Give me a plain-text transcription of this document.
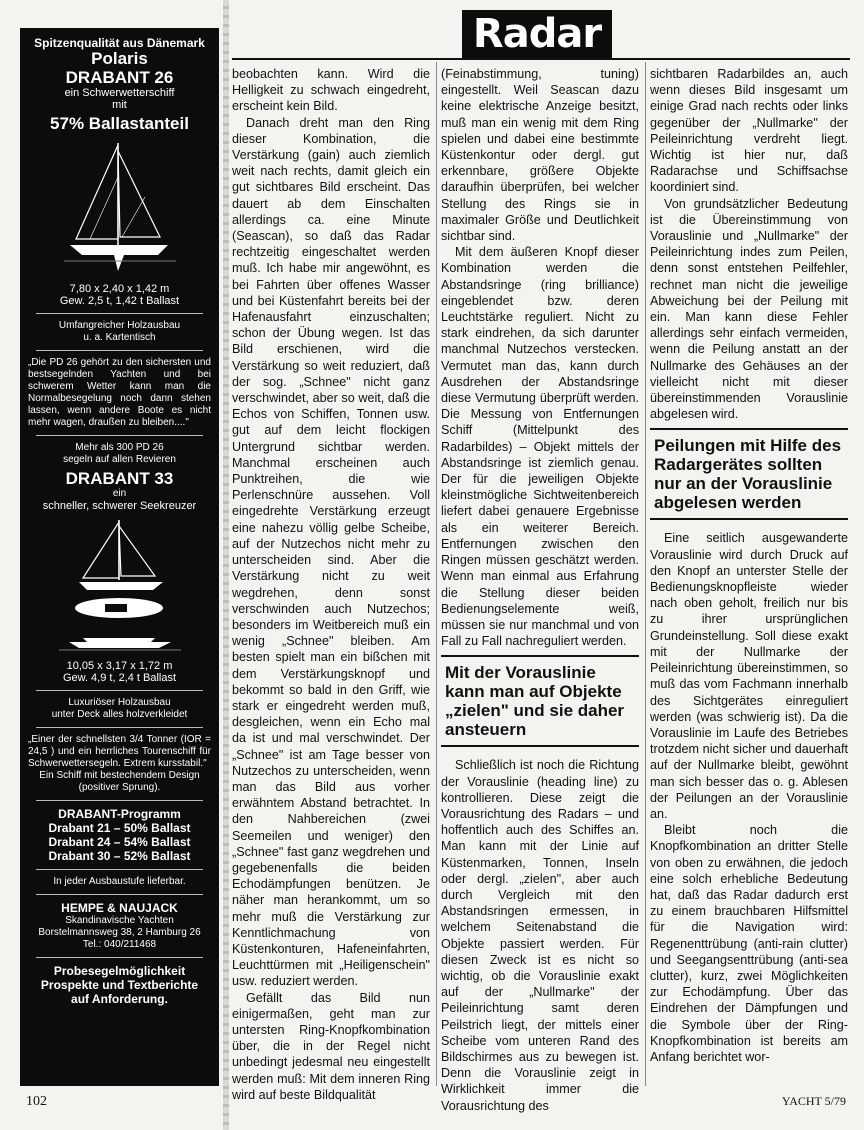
Spitzenqualität aus Dänemark
Polaris
DRABANT 26
ein Schwerwetterschiff
mit
57% Ballastanteil
7,80 x 2,40 x 1,42 m
Gew. 2,5 t, 1,42 t Ballast
Umfangreicher Holzausbau
u. a. Kartentisch
„Die PD 26 gehört zu den sichersten und bestsegelnden Yachten und bei schwerem Wetter kann man die Normalbesegelung noch dann stehen lassen, wenn andere Boote es nicht mehr wagen, draußen zu bleiben...."
Mehr als 300 PD 26
segeln auf allen Revieren
DRABANT 33
ein
schneller, schwerer Seekreuzer
10,05 x 3,17 x 1,72 m
Gew. 4,9 t, 2,4 t Ballast
Luxuriöser Holzausbau
unter Deck alles holzverkleidet
„Einer der schnellsten 3/4 Tonner (IOR = 24,5 ) und ein herrliches Tourenschiff für Schwerwettersegeln. Extrem kursstabil."
Ein Schiff mit bestechendem Design (positiver Sprung).
DRABANT-Programm
Drabant 21 – 50% Ballast
Drabant 24 – 54% Ballast
Drabant 30 – 52% Ballast
In jeder Ausbaustufe lieferbar.
HEMPE & NAUJACK
Skandinavische Yachten
Borstelmannsweg 38, 2 Hamburg 26
Tel.: 040/211468
Probesegelmöglichkeit
Prospekte und Textberichte
auf Anforderung.
Radar

beobachten kann. Wird die Helligkeit zu schwach eingedreht, erscheint kein Bild.

Danach dreht man den Ring dieser Kombination, die Verstärkung (gain) auch ziemlich weit nach rechts, damit gleich ein gut sichtbares Bild erscheint. Das dauert ab dem Einschalten allerdings ca. eine Minute (Seascan), so daß das Radar rechtzeitig eingeschaltet werden muß. Ich habe mir angewöhnt, es bei Fahrten über offenes Wasser und bei Küstenfahrt bereits bei der Hafenausfahrt einzuschalten; schon der Übung wegen. Ist das Bild erschienen, wird die Verstärkung so weit reduziert, daß der sog. „Schnee" nicht ganz verschwindet, aber so weit, daß die Echos von Schiffen, Tonnen usw. gut auf dem leicht flockigen Untergrund sichtbar werden. Manchmal erscheinen auch Punktreihen, die wie Perlenschnüre aussehen. Voll eingedrehte Verstärkung erzeugt eine nahezu völlig gelbe Scheibe, auf der Nutzechos nicht mehr zu unterscheiden sind. Aber die Verstärkung nicht zu weit wegdrehen, denn sonst verschwinden auch Nutzechos; besonders im Weitbereich muß ein wenig „Schnee" bleiben. Am besten spielt man ein bißchen mit dem Verstärkungsknopf und bekommt so bald in den Griff, wie stark er eingedreht werden muß, desgleichen, wenn ein Echo mal da ist und mal verschwindet. Der „Schnee" ist am Tage besser von Nutzechos zu unterscheiden, wenn man das Bild aus vorher erwähntem Abstand betrachtet. In den Nahbereichen (zwei Seemeilen und weniger) den „Schnee" fast ganz wegdrehen und gegebenenfalls die beiden Echodämpfungen benützen. Je näher man herankommt, um so mehr muß die Verstärkung zur Kenntlichmachung von Küstenkonturen, Hafeneinfahrten, Leuchttürmen mit „Heiligenschein" usw. reduziert werden.

Gefällt das Bild nun einigermaßen, geht man zur untersten Ring-Knopfkombination über, die in der Regel nicht unbedingt jedesmal neu eingestellt werden muß: Mit dem inneren Ring wird auf beste Bildqualität

(Feinabstimmung, tuning) eingestellt. Weil Seascan dazu keine elektrische Anzeige besitzt, muß man ein wenig mit dem Ring spielen und dabei eine bestimmte Küstenkontur oder dergl. gut erkennbare, größere Objekte daraufhin überprüfen, bei welcher Stellung des Rings sie in maximaler Größe und Deutlichkeit sichtbar sind.

Mit dem äußeren Knopf dieser Kombination werden die Abstandsringe (ring brilliance) eingeblendet bzw. deren Leuchtstärke reguliert. Nicht zu stark eindrehen, da sich darunter manchmal Nutzechos verstecken. Vermutet man das, kann durch Ausdrehen der Abstandsringe diese Vermutung überprüft werden. Die Messung von Entfernungen Schiff (Mittelpunkt des Radarbildes) – Objekt mittels der Abstandsringe ist ziemlich genau. Der für die jeweiligen Objekte kleinstmögliche Sichtweitenbereich liefert dabei genauere Ergebnisse als ein weiterer Bereich. Entfernungen zwischen den Ringen müssen geschätzt werden. Wenn man einmal aus Erfahrung die Stellung dieser beiden Bedienungselemente weiß, müssen sie nur manchmal und von Fall zu Fall nachreguliert werden.

Mit der Vorauslinie kann man auf Objekte „zielen" und sie daher ansteuern

Schließlich ist noch die Richtung der Vorauslinie (heading line) zu kontrollieren. Diese zeigt die Vorausrichtung des Radars – und hoffentlich auch des Schiffes an. Man kann mit der Linie auf Küstenmarken, Tonnen, Inseln oder dergl. „zielen", aber auch durch Vergleich mit den Abstandsringen ermessen, in welchem Seitenabstand die Objekte passiert werden. Für diesen Zweck ist es nicht so wichtig, ob die Vorauslinie exakt auf der „Nullmarke" der Peileinrichtung samt deren Peilstrich liegt, der mittels einer Scheibe vom unteren Rand des Bildschirmes aus zu bewegen ist. Denn die Vorauslinie zeigt in Wirklichkeit immer die Vorausrichtung des

sichtbaren Radarbildes an, auch wenn dieses Bild insgesamt um einige Grad nach rechts oder links gegenüber der „Nullmarke" der Peileinrichtung verdreht liegt. Wichtig ist hier nur, daß Radarachse und Schiffsachse koordiniert sind.

Von grundsätzlicher Bedeutung ist die Übereinstimmung von Vorauslinie und „Nullmarke" der Peileinrichtung indes zum Peilen, denn sonst entstehen Peilfehler, rechnet man nicht die jeweilige Abweichung bei der Peilung mit ein. Man kann diese Fehler allerdings sehr einfach vermeiden, wenn die Peilung anstatt an der Nullmarke des Gehäuses an der vielleicht nicht mit dieser übereinstimmenden Vorauslinie abgelesen wird.

Peilungen mit Hilfe des Radargerätes sollten nur an der Vorauslinie abgelesen werden

Eine seitlich ausgewanderte Vorauslinie wird durch Druck auf den Knopf an unterster Stelle der Bedienungsknopfleiste wieder nach oben geholt, freilich nur bis zu ihrer ursprünglichen Grundeinstellung. Soll diese exakt mit der Nullmarke der Peileinrichtung übereinstimmen, so muß das vom Fachmann innerhalb des Sichtgerätes einreguliert werden (was schwierig ist). Da die Vorauslinie im Laufe des Betriebes trotzdem nicht sicher und dauerhaft auf der Nullmarke bleibt, gewöhnt man sich besser das o. g. Ablesen der Peilungen an der Vorauslinie an.

Bleibt noch die Knopfkombination an dritter Stelle von oben zu erwähnen, die jedoch eine solch erhebliche Bedeutung hat, daß das Radar dadurch erst zu einem brauchbaren Hilfsmittel für die Navigation wird: Regenenttrübung (anti-rain clutter) und Seegangsenttrübung (anti-sea clutter), kurz, zwei Möglichkeiten zur Echodämpfung. Über das Eindrehen der Dämpfungen und die Symbole über der Ring-Knopfkombination ist bereits am Anfang berichtet wor-

102	YACHT 5/79
